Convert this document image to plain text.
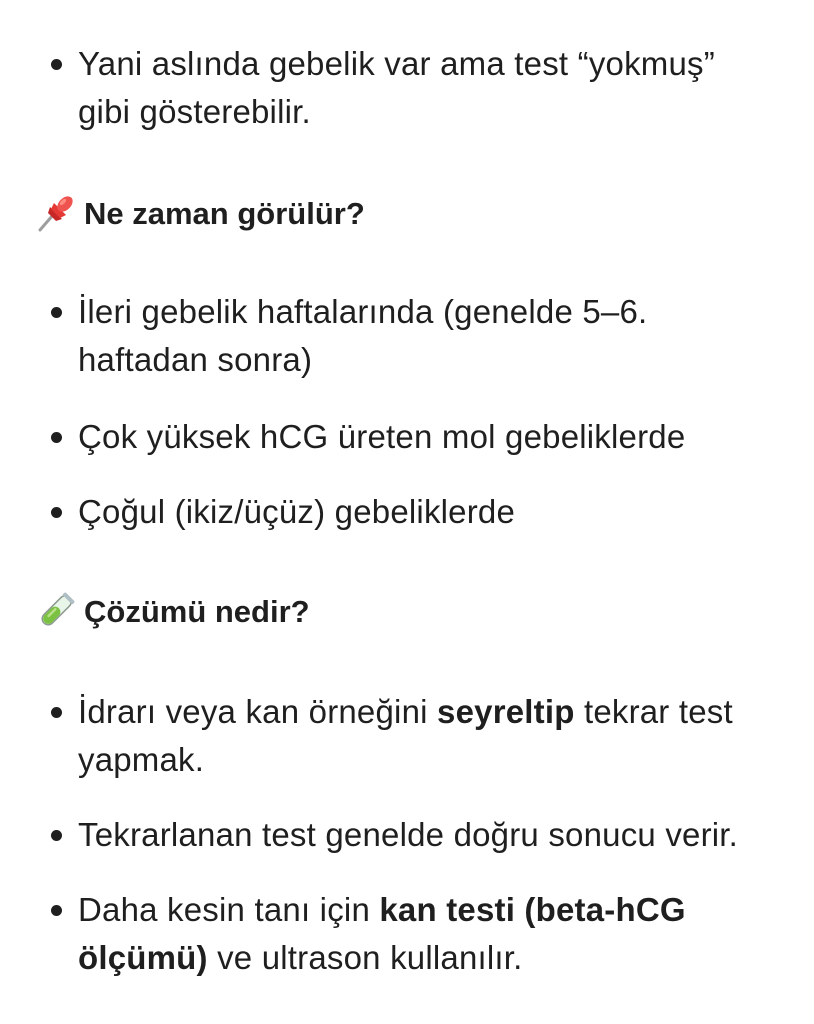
Yani aslında gebelik var ama test “yokmuş”
gibi gösterebilir.
Ne zaman görülür?
İleri gebelik haftalarında (genelde 5–6.
haftadan sonra)
Çok yüksek hCG üreten mol gebeliklerde
Çoğul (ikiz/üçüz) gebeliklerde
Çözümü nedir?
İdrarı veya kan örneğini seyreltip tekrar test
yapmak.
Tekrarlanan test genelde doğru sonucu verir.
Daha kesin tanı için kan testi (beta-hCG
ölçümü) ve ultrason kullanılır.
